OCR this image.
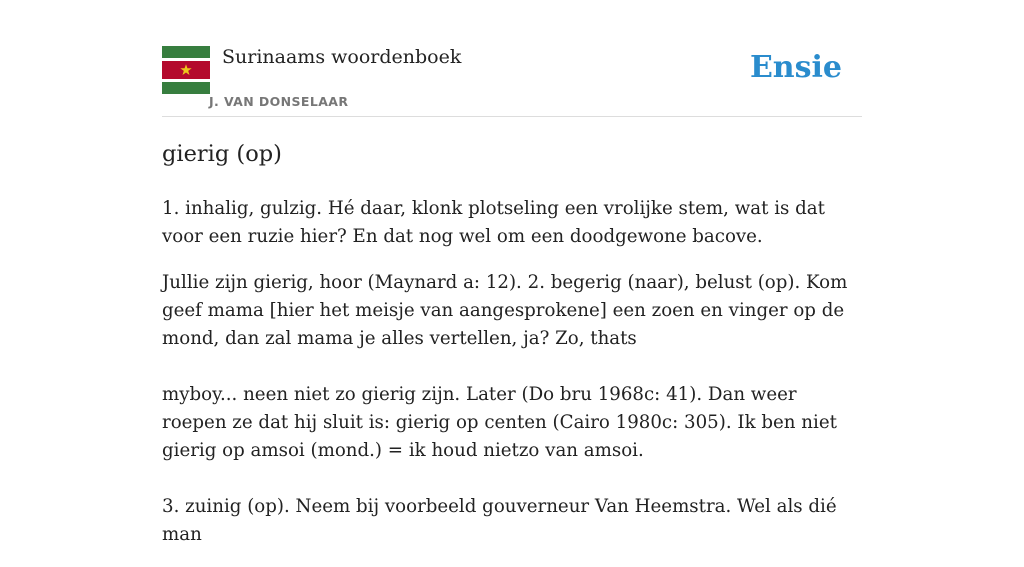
Surinaams woordenboek
J. VAN DONSELAAR
Ensie
gierig (op)

1. inhalig, gulzig. Hé daar, klonk plotseling een vrolijke stem, wat is dat voor een ruzie hier? En dat nog wel om een doodgewone bacove.

Jullie zijn gierig, hoor (Maynard a: 12). 2. begerig (naar), belust (op). Kom geef mama [hier het meisje van aangesprokene] een zoen en vinger op de mond, dan zal mama je alles vertellen, ja? Zo, thats

myboy... neen niet zo gierig zijn. Later (Do bru 1968c: 41). Dan weer roepen ze dat hij sluit is: gierig op centen (Cairo 1980c: 305). Ik ben niet gierig op amsoi (mond.) = ik houd nietzo van amsoi.

3. zuinig (op). Neem bij voorbeeld gouverneur Van Heemstra. Wel als dié man
